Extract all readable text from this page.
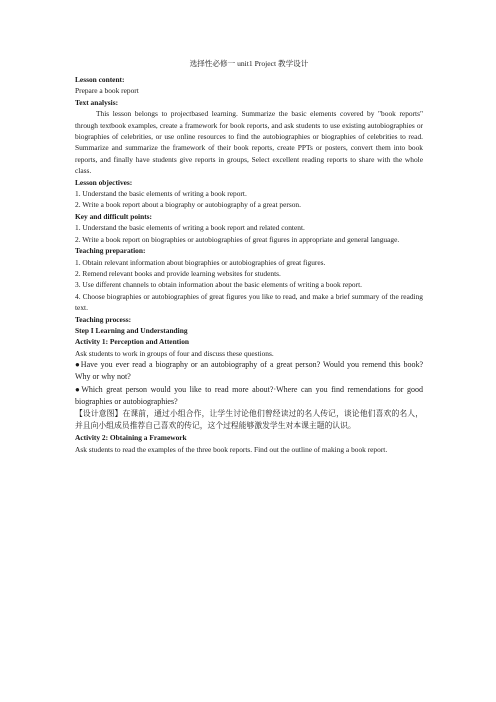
选择性必修一 unit1 Project 教学设计

Lesson content:

Prepare a book report

Text analysis:

This lesson belongs to projectbased learning. Summarize the basic elements covered by "book reports" through textbook examples, create a framework for book reports, and ask students to use existing autobiographies or biographies of celebrities, or use online resources to find the autobiographies or biographies of celebrities to read. Summarize and summarize the framework of their book reports, create PPTs or posters, convert them into book reports, and finally have students give reports in groups, Select excellent reading reports to share with the whole class.

Lesson objectives:

1. Understand the basic elements of writing a book report.

2. Write a book report about a biography or autobiography of a great person.

Key and difficult points:

1. Understand the basic elements of writing a book report and related content.

2. Write a book report on biographies or autobiographies of great figures in appropriate and general language.

Teaching preparation:

1. Obtain relevant information about biographies or autobiographies of great figures.

2. Remend relevant books and provide learning websites for students.

3. Use different channels to obtain information about the basic elements of writing a book report.

4. Choose biographies or autobiographies of great figures you like to read, and make a brief summary of the reading text.

Teaching process:

Step I Learning and Understanding

Activity 1: Perception and Attention

Ask students to work in groups of four and discuss these questions.

●Have you ever read a biography or an autobiography of a great person? Would you remend this book? Why or why not?

●Which great person would you like to read more about?·Where can you find remendations for good biographies or autobiographies?

【设计意图】在课前，通过小组合作，让学生讨论他们曾经读过的名人传记，谈论他们喜欢的名人，并且向小组成员推荐自己喜欢的传记，这个过程能够激发学生对本课主题的认识。

Activity 2: Obtaining a Framework

Ask students to read the examples of the three book reports. Find out the outline of making a book report.
